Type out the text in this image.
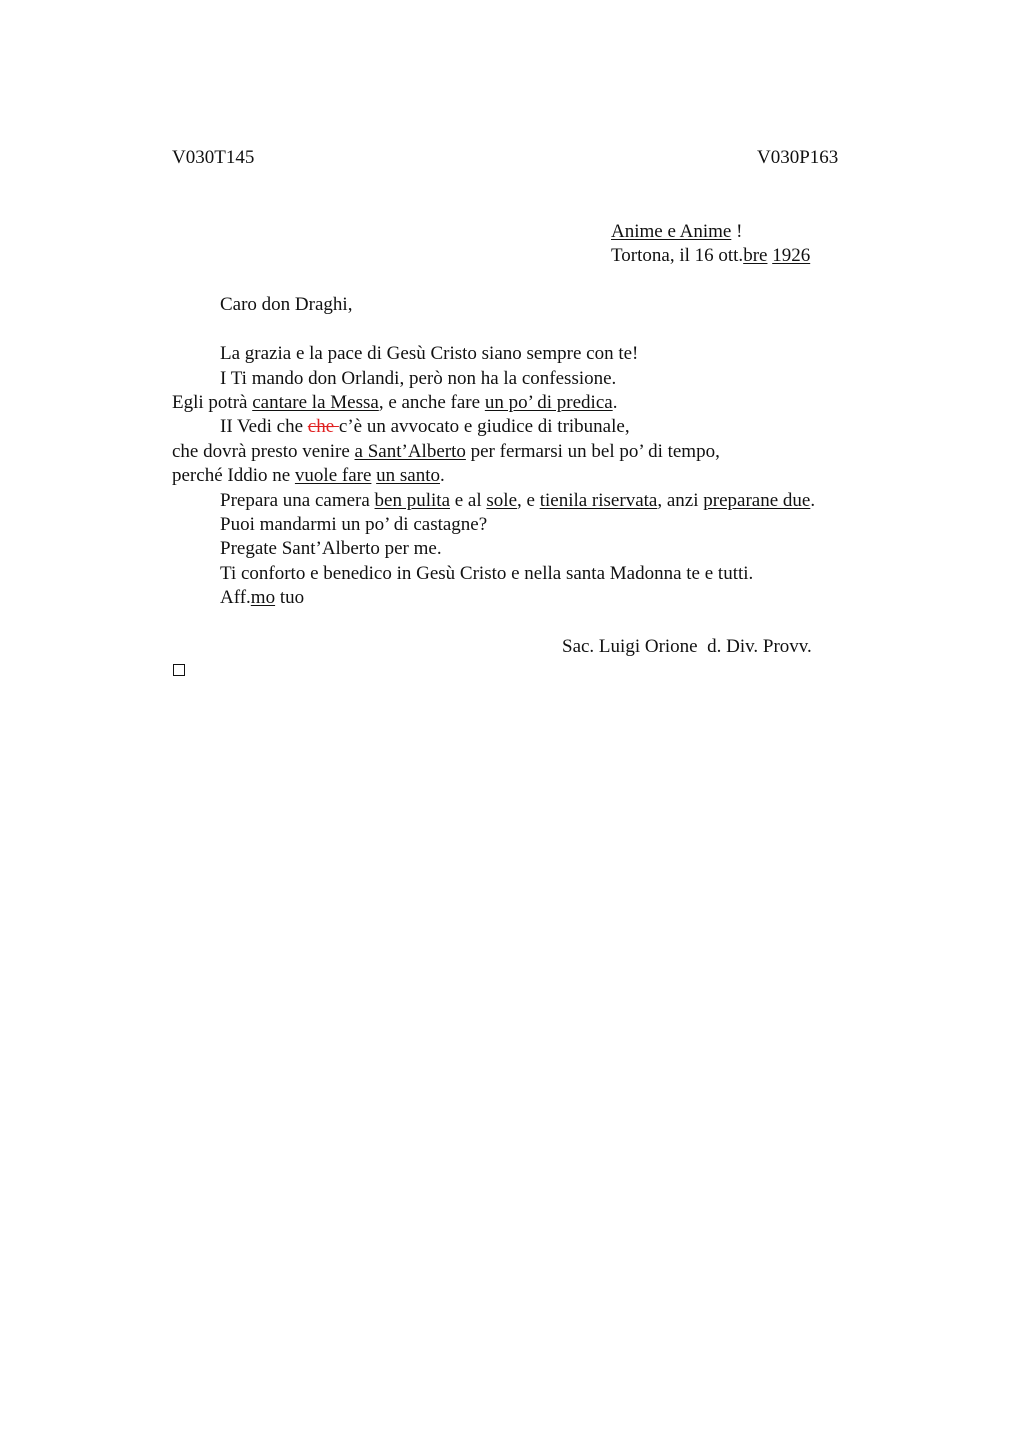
V030T145	V030P163
Anime e Anime !
Tortona, il 16 ott.bre 1926
Caro don Draghi,
La grazia e la pace di Gesù Cristo siano sempre con te!
I Ti mando don Orlandi, però non ha la confessione.
Egli potrà cantare la Messa, e anche fare un po’ di predica.
II Vedi che che c’è un avvocato e giudice di tribunale,
che dovrà presto venire a Sant’Alberto per fermarsi un bel po’ di tempo,
perché Iddio ne vuole fare un santo.
Prepara una camera ben pulita e al sole, e tienila riservata, anzi preparane due.
Puoi mandarmi un po’ di castagne?
Pregate Sant’Alberto per me.
Ti conforto e benedico in Gesù Cristo e nella santa Madonna te e tutti.
Aff.mo tuo
Sac. Luigi Orione  d. Div. Provv.
